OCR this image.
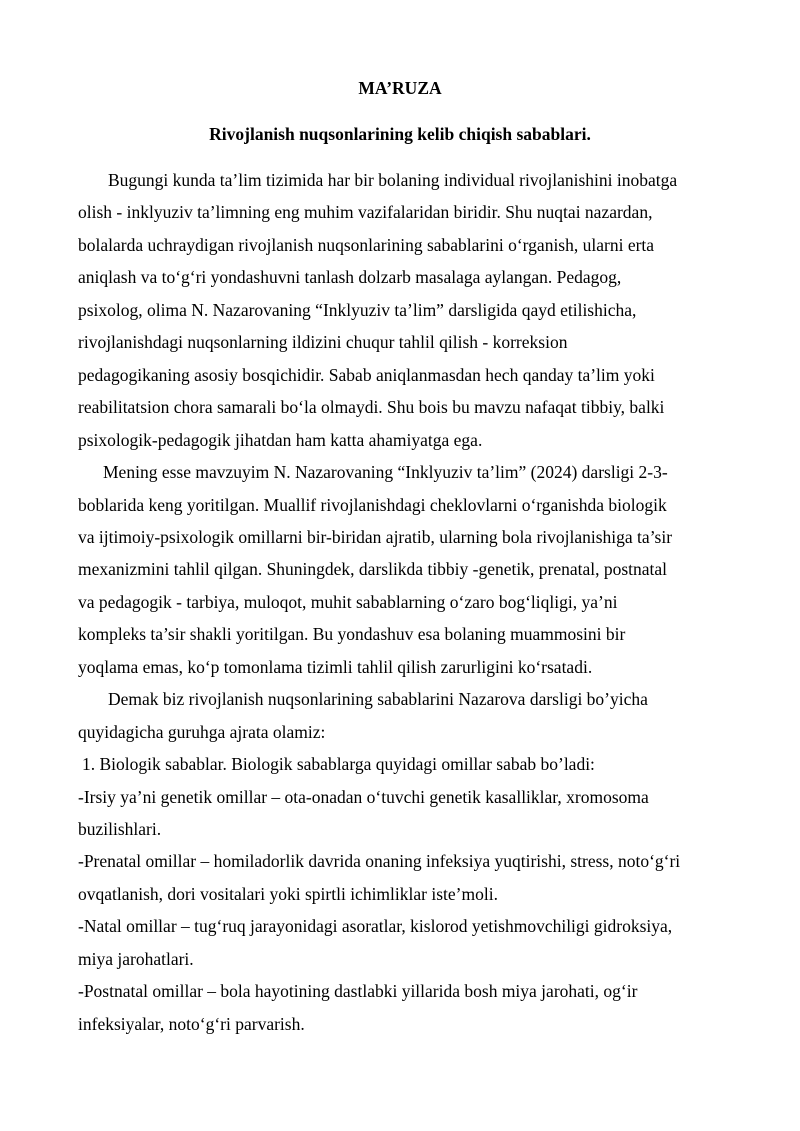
MA’RUZA
Rivojlanish nuqsonlarining kelib chiqish sabablari.
Bugungi kunda ta’lim tizimida har bir bolaning individual rivojlanishini inobatga
olish - inklyuziv ta’limning eng muhim vazifalaridan biridir. Shu nuqtai nazardan,
bolalarda uchraydigan rivojlanish nuqsonlarining sabablarini o‘rganish, ularni erta
aniqlash va to‘g‘ri yondashuvni tanlash dolzarb masalaga aylangan. Pedagog,
psixolog, olima N. Nazarovaning “Inklyuziv ta’lim” darsligida qayd etilishicha,
rivojlanishdagi nuqsonlarning ildizini chuqur tahlil qilish - korreksion
pedagogikaning asosiy bosqichidir. Sabab aniqlanmasdan hech qanday ta’lim yoki
reabilitatsion chora samarali bo‘la olmaydi. Shu bois bu mavzu nafaqat tibbiy, balki
psixologik-pedagogik jihatdan ham katta ahamiyatga ega.
Mening esse mavzuyim N. Nazarovaning “Inklyuziv ta’lim” (2024) darsligi 2-3-
boblarida keng yoritilgan. Muallif rivojlanishdagi cheklovlarni o‘rganishda biologik
va ijtimoiy-psixologik omillarni bir-biridan ajratib, ularning bola rivojlanishiga ta’sir
mexanizmini tahlil qilgan. Shuningdek, darslikda tibbiy -genetik, prenatal, postnatal
va pedagogik - tarbiya, muloqot, muhit sabablarning o‘zaro bog‘liqligi, ya’ni
kompleks ta’sir shakli yoritilgan. Bu yondashuv esa bolaning muammosini bir
yoqlama emas, ko‘p tomonlama tizimli tahlil qilish zarurligini ko‘rsatadi.
Demak biz rivojlanish nuqsonlarining sabablarini Nazarova darsligi bo’yicha
quyidagicha guruhga ajrata olamiz:
1. Biologik sabablar. Biologik sabablarga quyidagi omillar sabab bo’ladi:
-Irsiy ya’ni genetik omillar – ota-onadan o‘tuvchi genetik kasalliklar, xromosoma
buzilishlari.
-Prenatal omillar – homiladorlik davrida onaning infeksiya yuqtirishi, stress, noto‘g‘ri
ovqatlanish, dori vositalari yoki spirtli ichimliklar iste’moli.
-Natal omillar – tug‘ruq jarayonidagi asoratlar, kislorod yetishmovchiligi gidroksiya,
miya jarohatlari.
-Postnatal omillar – bola hayotining dastlabki yillarida bosh miya jarohati, og‘ir
infeksiyalar, noto‘g‘ri parvarish.
